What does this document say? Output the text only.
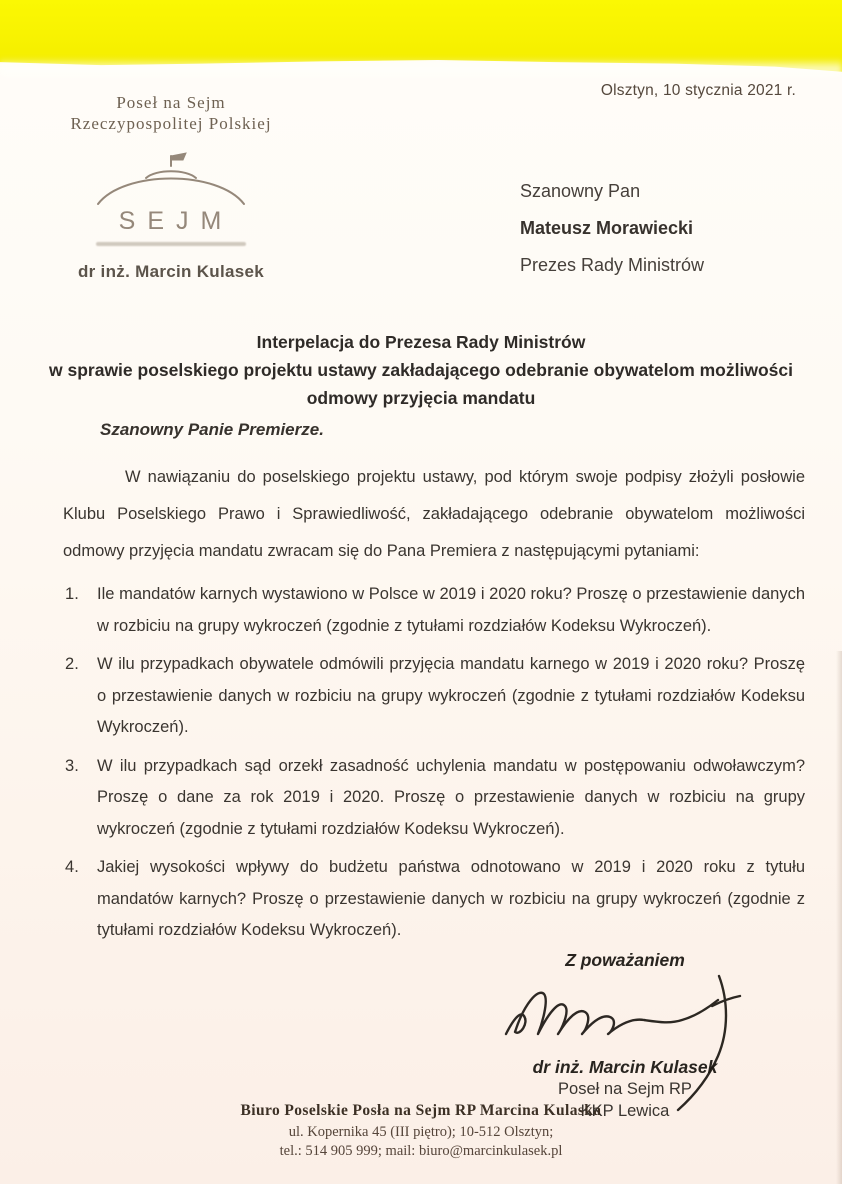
Olsztyn, 10 stycznia 2021 r.
Poseł na Sejm
Rzeczypospolitej Polskiej
SEJM
dr inż. Marcin Kulasek
Szanowny Pan
Mateusz Morawiecki
Prezes Rady Ministrów
Interpelacja do Prezesa Rady Ministrów
w sprawie poselskiego projektu ustawy zakładającego odebranie obywatelom możliwości odmowy przyjęcia mandatu
Szanowny Panie Premierze.
W nawiązaniu do poselskiego projektu ustawy, pod którym swoje podpisy złożyli posłowie Klubu Poselskiego Prawo i Sprawiedliwość, zakładającego odebranie obywatelom możliwości odmowy przyjęcia mandatu zwracam się do Pana Premiera z następującymi pytaniami:
Ile mandatów karnych wystawiono w Polsce w 2019 i 2020 roku? Proszę o przestawienie danych w rozbiciu na grupy wykroczeń (zgodnie z tytułami rozdziałów Kodeksu Wykroczeń).
W ilu przypadkach obywatele odmówili przyjęcia mandatu karnego w 2019 i 2020 roku? Proszę o przestawienie danych w rozbiciu na grupy wykroczeń (zgodnie z tytułami rozdziałów Kodeksu Wykroczeń).
W ilu przypadkach sąd orzekł zasadność uchylenia mandatu w postępowaniu odwoławczym? Proszę o dane za rok 2019 i 2020. Proszę o przestawienie danych w rozbiciu na grupy wykroczeń (zgodnie z tytułami rozdziałów Kodeksu Wykroczeń).
Jakiej wysokości wpływy do budżetu państwa odnotowano w 2019 i 2020 roku z tytułu mandatów karnych? Proszę o przestawienie danych w rozbiciu na grupy wykroczeń (zgodnie z tytułami rozdziałów Kodeksu Wykroczeń).
Z poważaniem
dr inż. Marcin Kulasek
Poseł na Sejm RP
KKP Lewica
Biuro Poselskie Posła na Sejm RP Marcina Kulaska
ul. Kopernika 45 (III piętro); 10-512 Olsztyn;
tel.: 514 905 999; mail: biuro@marcinkulasek.pl
